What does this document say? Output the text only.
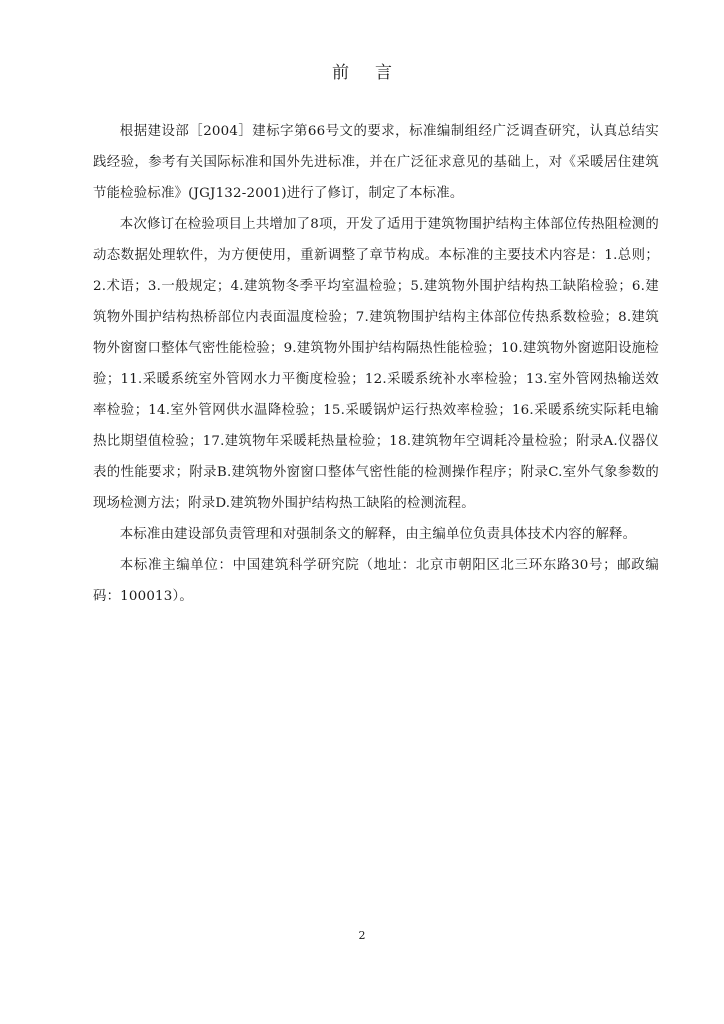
前言

根据建设部［2004］建标字第66号文的要求，标准编制组经广泛调查研究，认真总结实践经验，参考有关国际标准和国外先进标准，并在广泛征求意见的基础上，对《采暖居住建筑节能检验标准》(JGJ132-2001)进行了修订，制定了本标准。

本次修订在检验项目上共增加了8项，开发了适用于建筑物围护结构主体部位传热阻检测的动态数据处理软件，为方便使用，重新调整了章节构成。本标准的主要技术内容是：1.总则；2.术语；3.一般规定；4.建筑物冬季平均室温检验；5.建筑物外围护结构热工缺陷检验；6.建筑物外围护结构热桥部位内表面温度检验；7.建筑物围护结构主体部位传热系数检验；8.建筑物外窗窗口整体气密性能检验；9.建筑物外围护结构隔热性能检验；10.建筑物外窗遮阳设施检验；11.采暖系统室外管网水力平衡度检验；12.采暖系统补水率检验；13.室外管网热输送效率检验；14.室外管网供水温降检验；15.采暖锅炉运行热效率检验；16.采暖系统实际耗电输热比期望值检验；17.建筑物年采暖耗热量检验；18.建筑物年空调耗冷量检验；附录A.仪器仪表的性能要求；附录B.建筑物外窗窗口整体气密性能的检测操作程序；附录C.室外气象参数的现场检测方法；附录D.建筑物外围护结构热工缺陷的检测流程。

本标准由建设部负责管理和对强制条文的解释，由主编单位负责具体技术内容的解释。

本标准主编单位：中国建筑科学研究院（地址：北京市朝阳区北三环东路30号；邮政编码：100013）。

2
